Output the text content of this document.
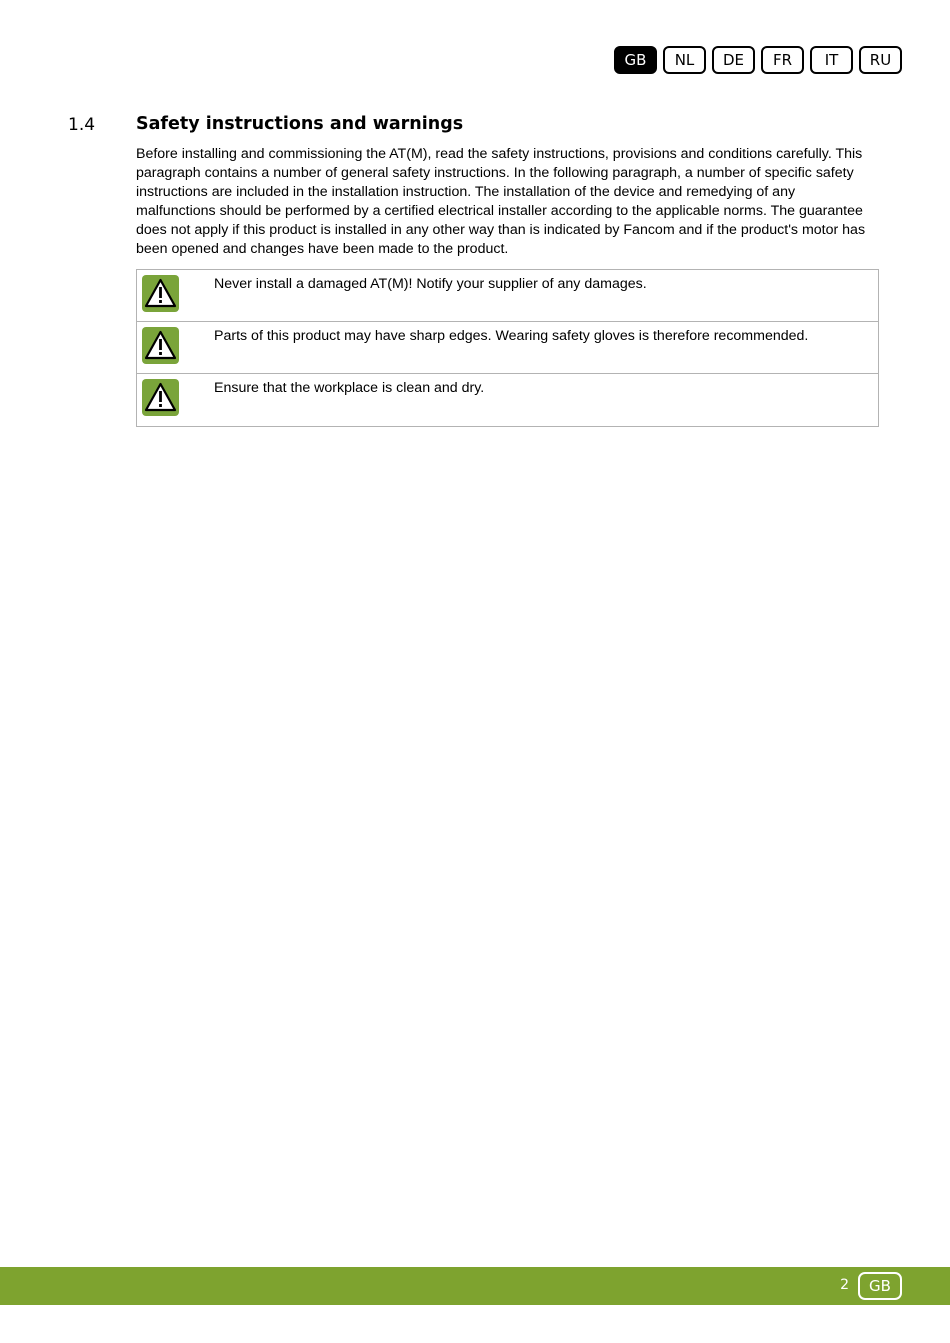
GB	NL	DE	FR	IT	RU
1.4 Safety instructions and warnings

Before installing and commissioning the AT(M), read the safety instructions, provisions and conditions carefully. This paragraph contains a number of general safety instructions. In the following paragraph, a number of specific safety instructions are included in the installation instruction. The installation of the device and remedying of any malfunctions should be performed by a certified electrical installer according to the applicable norms. The guarantee does not apply if this product is installed in any other way than is indicated by Fancom and if the product's motor has been opened and changes have been made to the product.

Never install a damaged AT(M)! Notify your supplier of any damages.
Parts of this product may have sharp edges. Wearing safety gloves is therefore recommended.
Ensure that the workplace is clean and dry.
2	GB
